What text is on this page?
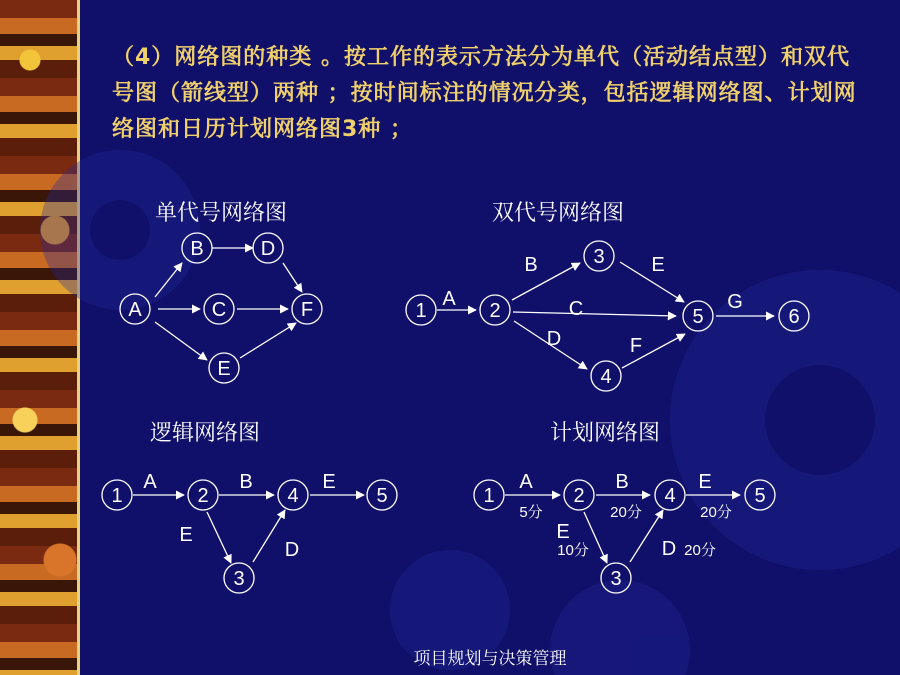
（4）网络图的种类 。按工作的表示方法分为单代（活动结点型）和双代号图（箭线型）两种 ；按时间标注的情况分类，包括逻辑网络图、计划网络图和日历计划网络图3种 ；
单代号网络图	双代号网络图
逻辑网络图	计划网络图
A
B
C
D
E
F	1	2
3
4
5	6
A
B
C
D
E
F
G
1	2
3
4	5
A	B
E
D
E
1	2
3
4	5
A	B	E
E
D
5分	20分	20分
10分	20分
项目规划与决策管理
